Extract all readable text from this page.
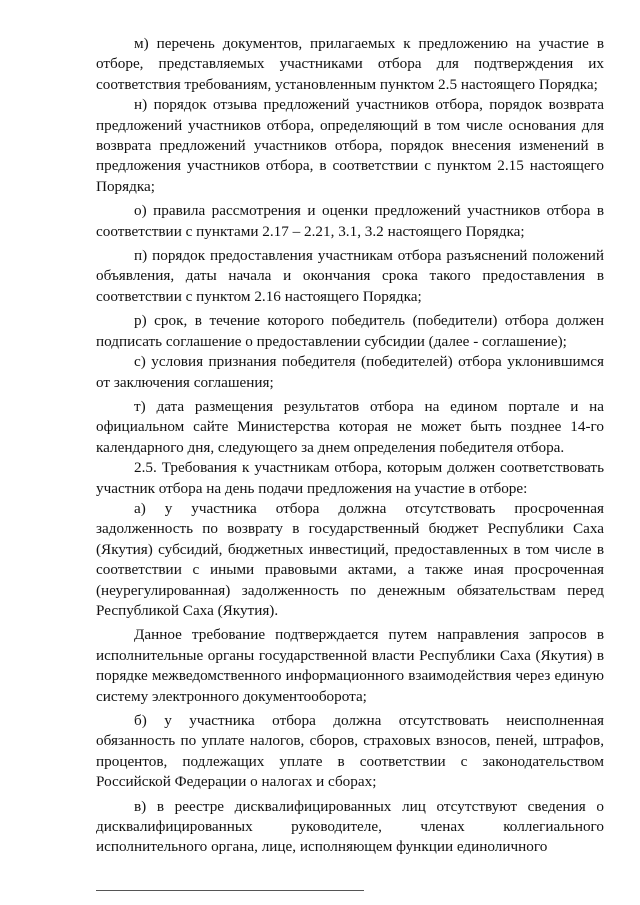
м) перечень документов, прилагаемых к предложению на участие в отборе, представляемых участниками отбора для подтверждения их соответствия требованиям, установленным пунктом 2.5 настоящего Порядка;

н) порядок отзыва предложений участников отбора, порядок возврата предложений участников отбора, определяющий в том числе основания для возврата предложений участников отбора, порядок внесения изменений в предложения участников отбора, в соответствии с пунктом 2.15 настоящего Порядка;

о) правила рассмотрения и оценки предложений участников отбора в соответствии с пунктами 2.17 – 2.21, 3.1, 3.2 настоящего Порядка;

п) порядок предоставления участникам отбора разъяснений положений объявления, даты начала и окончания срока такого предоставления в соответствии с пунктом 2.16 настоящего Порядка;

р) срок, в течение которого победитель (победители) отбора должен подписать соглашение о предоставлении субсидии (далее - соглашение);

с) условия признания победителя (победителей) отбора уклонившимся от заключения соглашения;

т) дата размещения результатов отбора на едином портале и на официальном сайте Министерства которая не может быть позднее 14-го календарного дня, следующего за днем определения победителя отбора.

2.5. Требования к участникам отбора, которым должен соответствовать участник отбора на день подачи предложения на участие в отборе:

а) у участника отбора должна отсутствовать просроченная задолженность по возврату в государственный бюджет Республики Саха (Якутия) субсидий, бюджетных инвестиций, предоставленных в том числе в соответствии с иными правовыми актами, а также иная просроченная (неурегулированная) задолженность по денежным обязательствам перед Республикой Саха (Якутия).

Данное требование подтверждается путем направления запросов в исполнительные органы государственной власти Республики Саха (Якутия) в порядке межведомственного информационного взаимодействия через единую систему электронного документооборота;

б) у участника отбора должна отсутствовать неисполненная обязанность по уплате налогов, сборов, страховых взносов, пеней, штрафов, процентов, подлежащих уплате в соответствии с законодательством Российской Федерации о налогах и сборах;

в) в реестре дисквалифицированных лиц отсутствуют сведения о дисквалифицированных руководителе, членах коллегиального исполнительного органа, лице, исполняющем функции единоличного
